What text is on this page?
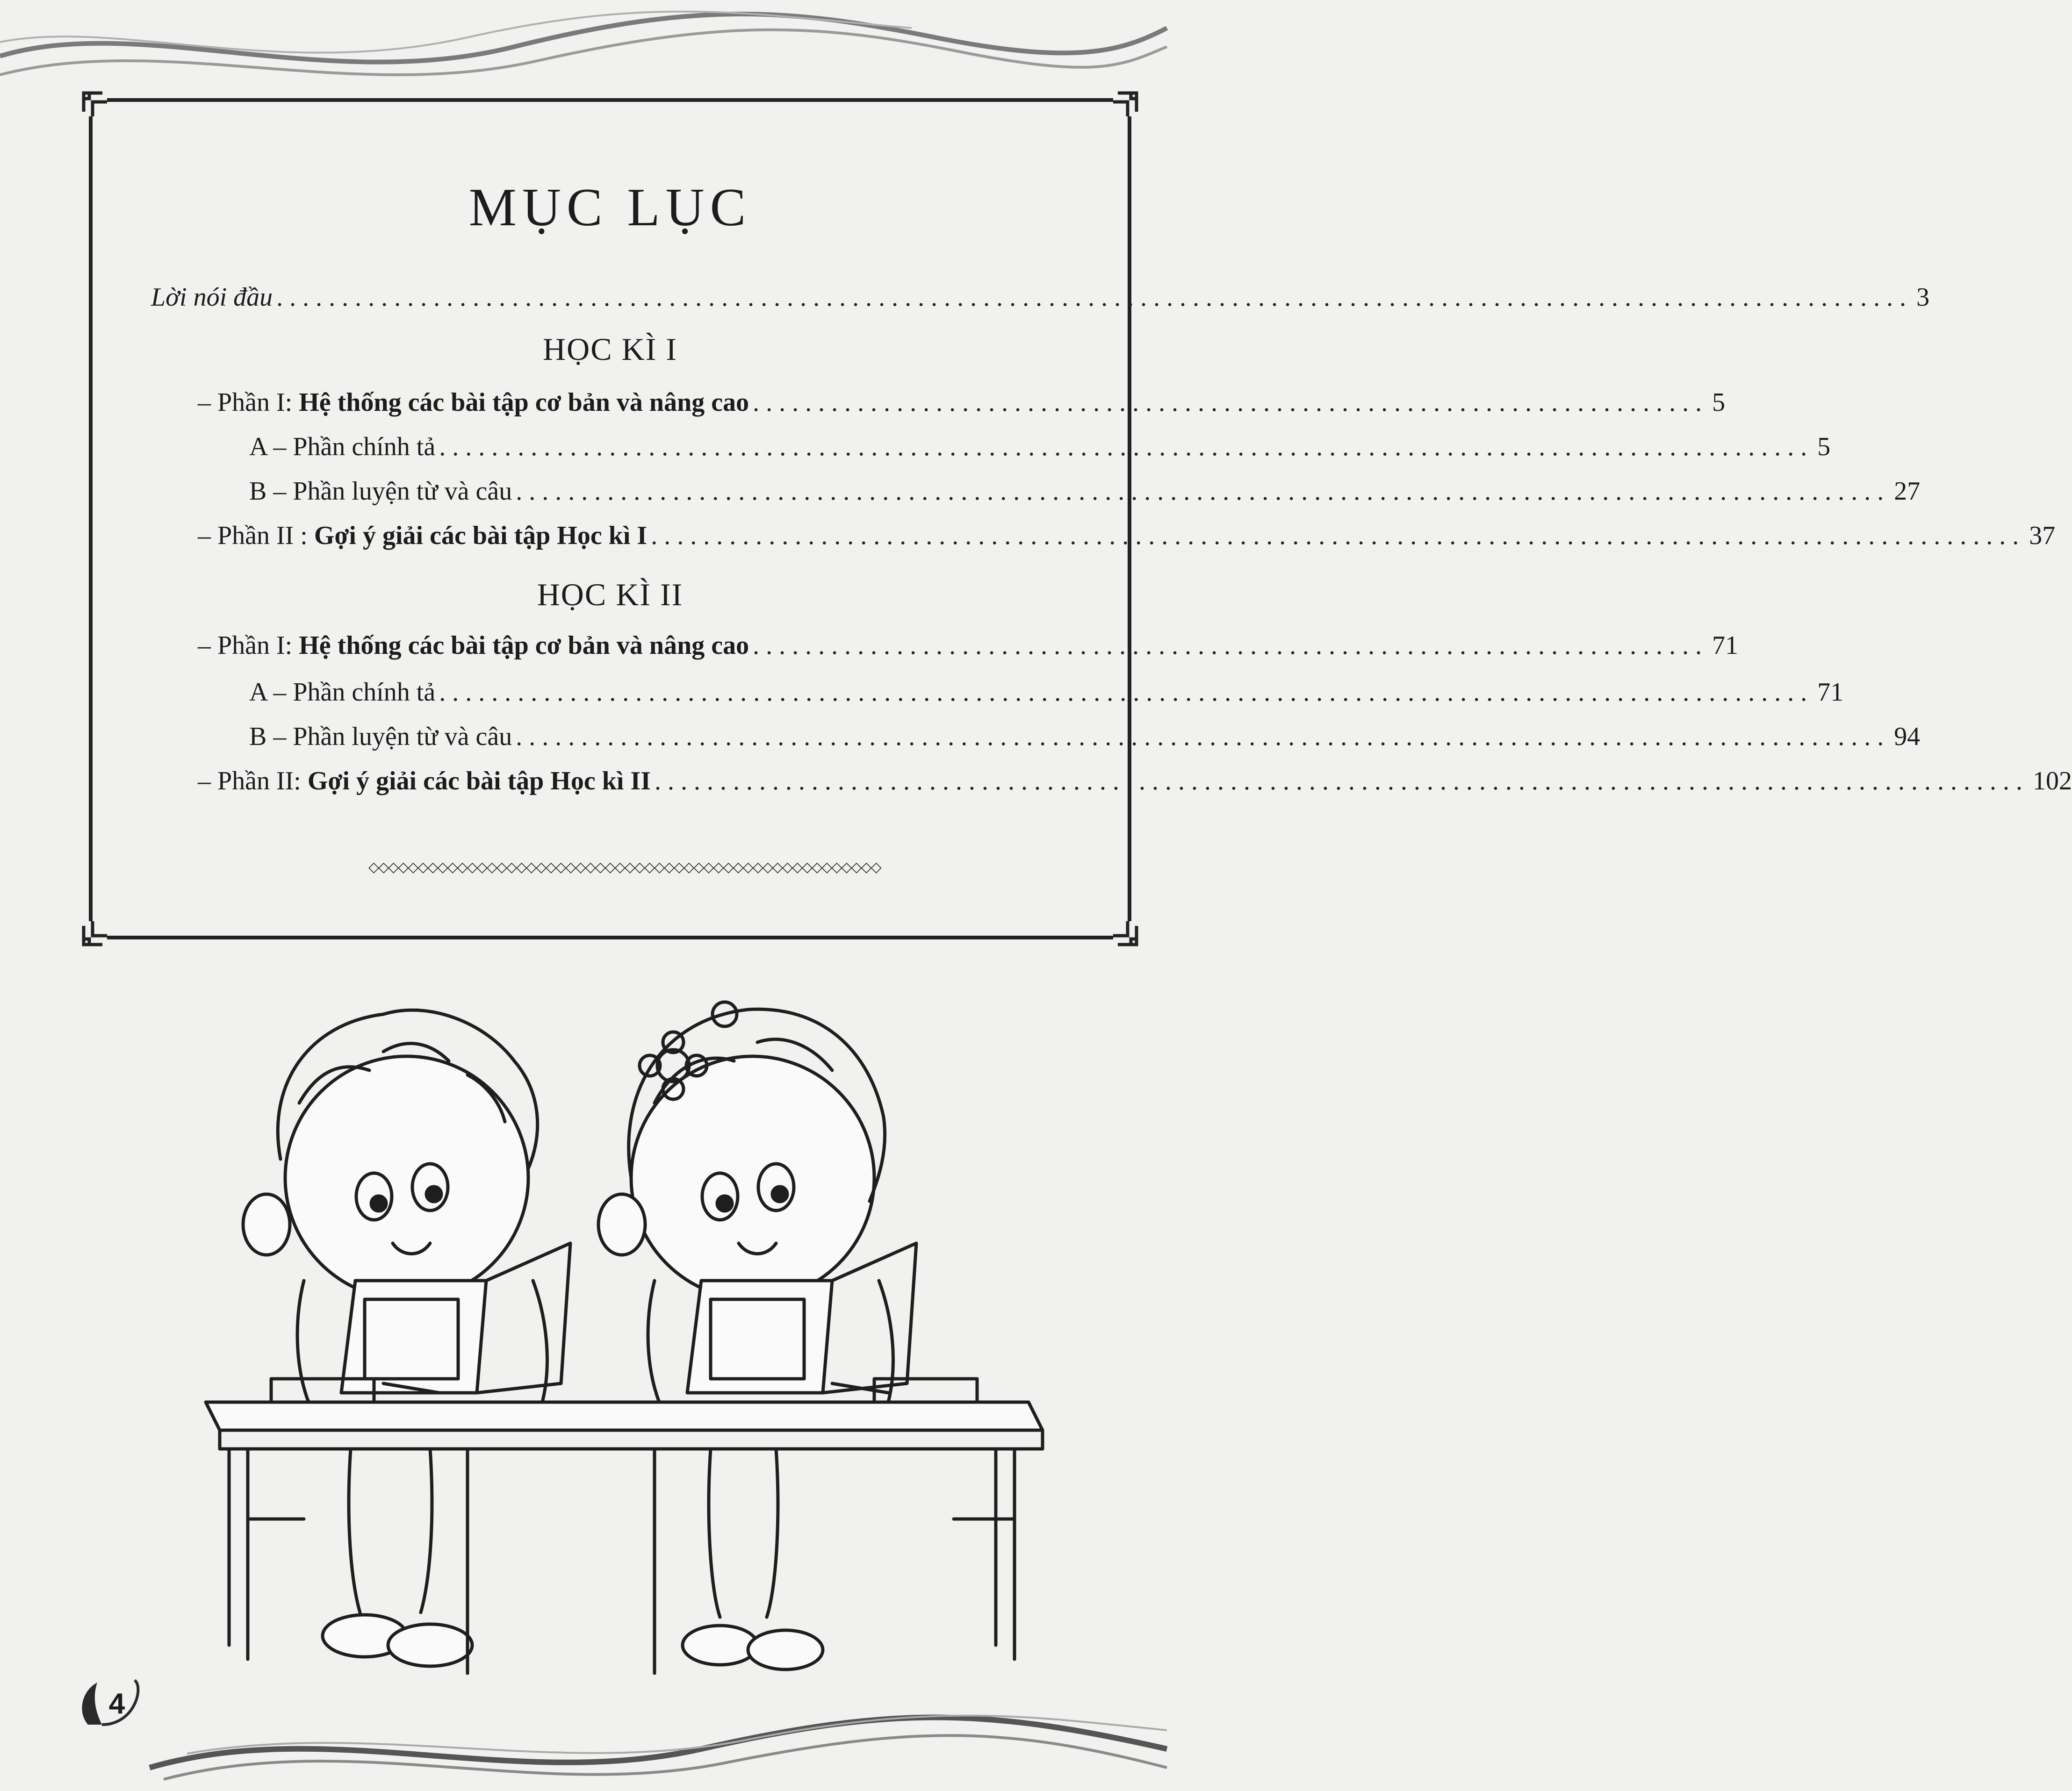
MỤC LỤC
Lời nói đầu ............................................................................................................................. 3
HỌC KÌ I
– Phần I: Hệ thống các bài tập cơ bản và nâng cao ......................................................................... 5
A – Phần chính tả ......................................................................................................... 5
B – Phần luyện từ và câu ......................................................................................................... 27
– Phần II : Gợi ý giải các bài tập Học kì I ......................................................................................................... 37
HỌC KÌ II
– Phần I: Hệ thống các bài tập cơ bản và nâng cao ......................................................................... 71
A – Phần chính tả ......................................................................................................... 71
B – Phần luyện từ và câu ......................................................................................................... 94
– Phần II: Gợi ý giải các bài tập Học kì II ......................................................................................................... 102
◇◇◇◇◇◇◇◇◇◇◇◇◇◇◇◇◇◇◇◇◇◇◇◇◇◇◇◇◇◇◇◇◇◇◇◇◇◇◇◇◇◇◇◇◇◇◇◇◇◇◇◇
4
